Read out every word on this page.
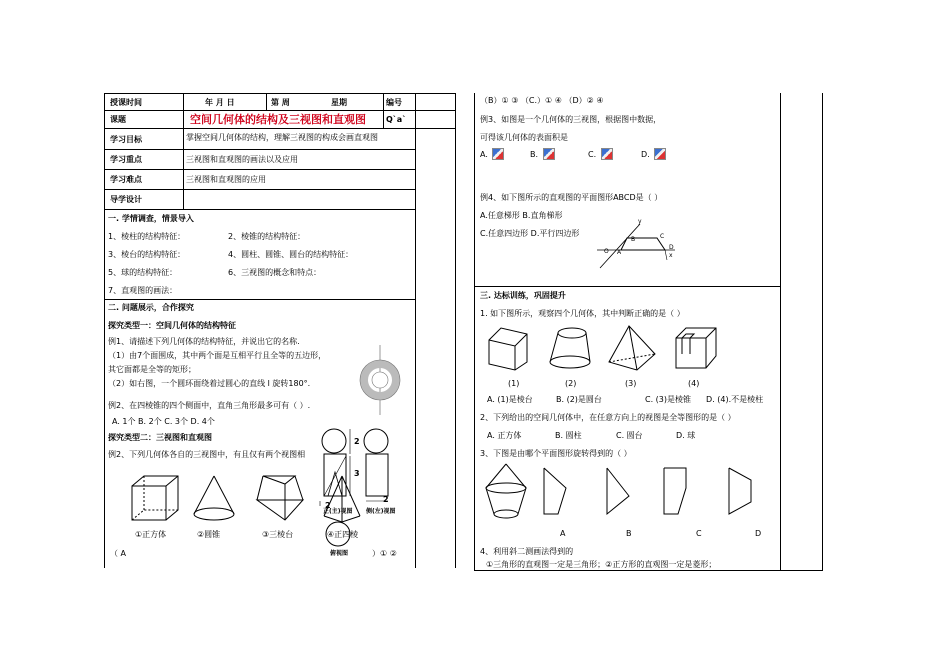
授课时间	年 月 日	第 周	星期	编号
课题	空间几何体的结构及三视图和直观图	Q`a`
学习目标	掌握空间几何体的结构，理解三视图的构成会画直观图
学习重点	三视图和直观图的画法以及应用
学习难点	三视图和直观图的应用
导学设计
一. 学情调查，情景导入
1、棱柱的结构特征：	2、棱锥的结构特征：
3、棱台的结构特征：	4、圆柱、圆锥、圆台的结构特征：
5、球的结构特征：	6、三视图的概念和特点：
7、直观图的画法：
二. 问题展示，合作探究
探究类型一：空间几何体的结构特征
例1、请描述下列几何体的结构特征，并说出它的名称.
（1）由7个面围成，其中两个面是互相平行且全等的五边形，
其它面都是全等的矩形；
（2）如右图，一个圆环面绕着过圆心的直线 l 旋转180°.
例2、在四棱锥的四个侧面中，直角三角形最多可有（ ）.
A. 1个 B. 2个 C. 3个 D. 4个
探究类型二：三视图和直观图
例2、下列几何体各自的三视图中，有且仅有两个视图相
2
3
2
2
正(主)视图 侧(左)视图
俯视图
①正方体	②圆锥	③三棱台	④正四棱
（ A	）① ②
（B）① ③ （C.）① ④ （D）② ④
例3、如图是一个几何体的三视图，根据图中数据，
可得该几何体的表面积是
A.	B.	C.	D.
例4、如下图所示的直观图的平面图形ABCD是（ ）
A.任意梯形 B.直角梯形
C.任意四边形 D.平行四边形
y
B	C
O A
D
x
三. 达标训练，巩固提升
1. 如下图所示，观察四个几何体，其中判断正确的是（ ）
(1)	(2)	(3)	(4)
A. (1)是棱台	B. (2)是圆台	C. (3)是棱锥 D. (4).不是棱柱
2、下列给出的空间几何体中，在任意方向上的视图是全等图形的是（ ）
A. 正方体	B. 圆柱	C. 圆台	D. 球
3、下图是由哪个平面图形旋转得到的（ ）
A	B	C	D
4、利用斜二测画法得到的
①三角形的直观图一定是三角形；②正方形的直观图一定是菱形；
